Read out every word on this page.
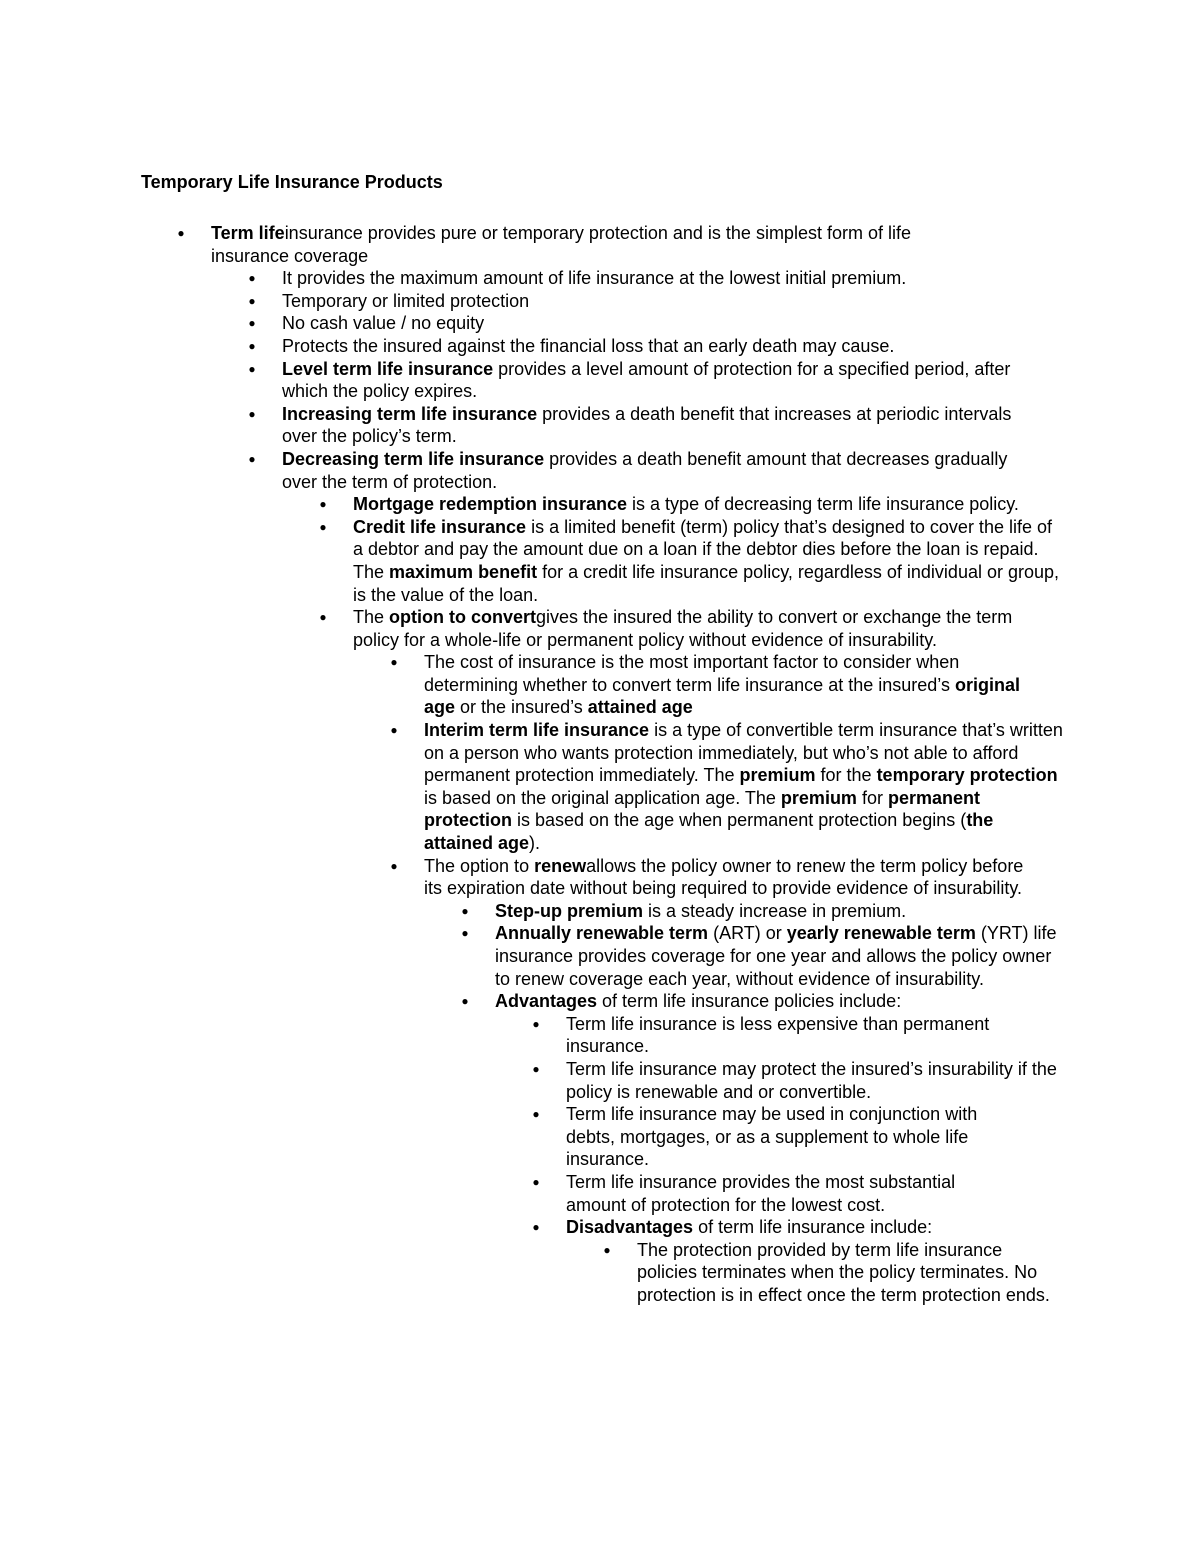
Temporary Life Insurance Products
● Term lifeinsurance provides pure or temporary protection and is the simplest form of life insurance coverage
● It provides the maximum amount of life insurance at the lowest initial premium.
● Temporary or limited protection
● No cash value / no equity
● Protects the insured against the financial loss that an early death may cause.
● Level term life insurance provides a level amount of protection for a specified period, after which the policy expires.
● Increasing term life insurance provides a death benefit that increases at periodic intervals over the policy’s term.
● Decreasing term life insurance provides a death benefit amount that decreases gradually over the term of protection.
● Mortgage redemption insurance is a type of decreasing term life insurance policy.
● Credit life insurance is a limited benefit (term) policy that’s designed to cover the life of a debtor and pay the amount due on a loan if the debtor dies before the loan is repaid. The maximum benefit for a credit life insurance policy, regardless of individual or group, is the value of the loan.
● The option to convertgives the insured the ability to convert or exchange the term policy for a whole-life or permanent policy without evidence of insurability.
● The cost of insurance is the most important factor to consider when determining whether to convert term life insurance at the insured’s original age or the insured’s attained age
● Interim term life insurance is a type of convertible term insurance that’s written on a person who wants protection immediately, but who’s not able to afford permanent protection immediately. The premium for the temporary protection is based on the original application age. The premium for permanent protection is based on the age when permanent protection begins (the attained age).
● The option to renewallows the policy owner to renew the term policy before its expiration date without being required to provide evidence of insurability.
● Step-up premium is a steady increase in premium.
● Annually renewable term (ART) or yearly renewable term (YRT) life insurance provides coverage for one year and allows the policy owner to renew coverage each year, without evidence of insurability.
● Advantages of term life insurance policies include:
● Term life insurance is less expensive than permanent insurance.
● Term life insurance may protect the insured’s insurability if the policy is renewable and or convertible.
● Term life insurance may be used in conjunction with debts, mortgages, or as a supplement to whole life insurance.
● Term life insurance provides the most substantial amount of protection for the lowest cost.
● Disadvantages of term life insurance include:
● The protection provided by term life insurance policies terminates when the policy terminates. No protection is in effect once the term protection ends.
